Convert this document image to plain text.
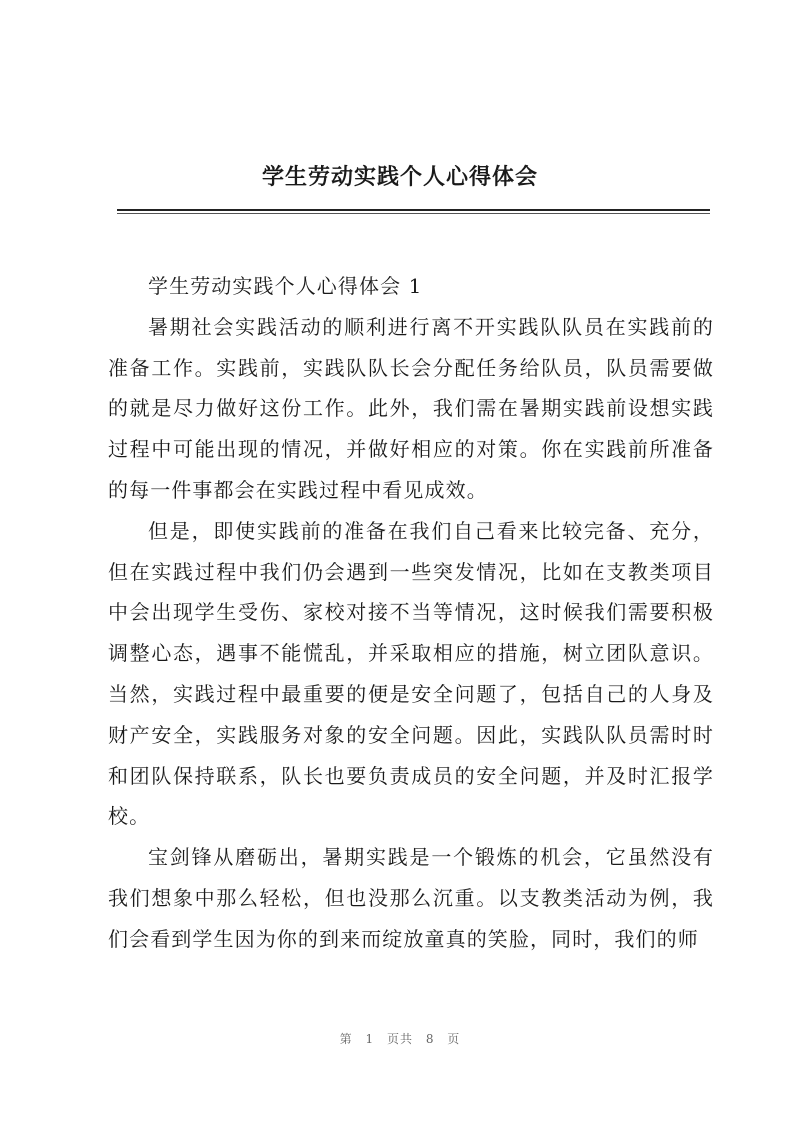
学生劳动实践个人心得体会

学生劳动实践个人心得体会 1

暑期社会实践活动的顺利进行离不开实践队队员在实践前的准备工作。实践前，实践队队长会分配任务给队员，队员需要做的就是尽力做好这份工作。此外，我们需在暑期实践前设想实践过程中可能出现的情况，并做好相应的对策。你在实践前所准备的每一件事都会在实践过程中看见成效。

但是，即使实践前的准备在我们自己看来比较完备、充分，但在实践过程中我们仍会遇到一些突发情况，比如在支教类项目中会出现学生受伤、家校对接不当等情况，这时候我们需要积极调整心态，遇事不能慌乱，并采取相应的措施，树立团队意识。当然，实践过程中最重要的便是安全问题了，包括自己的人身及财产安全，实践服务对象的安全问题。因此，实践队队员需时时和团队保持联系，队长也要负责成员的安全问题，并及时汇报学校。

宝剑锋从磨砺出，暑期实践是一个锻炼的机会，它虽然没有我们想象中那么轻松，但也没那么沉重。以支教类活动为例，我们会看到学生因为你的到来而绽放童真的笑脸，同时，我们的师

第 1 页共 8 页
